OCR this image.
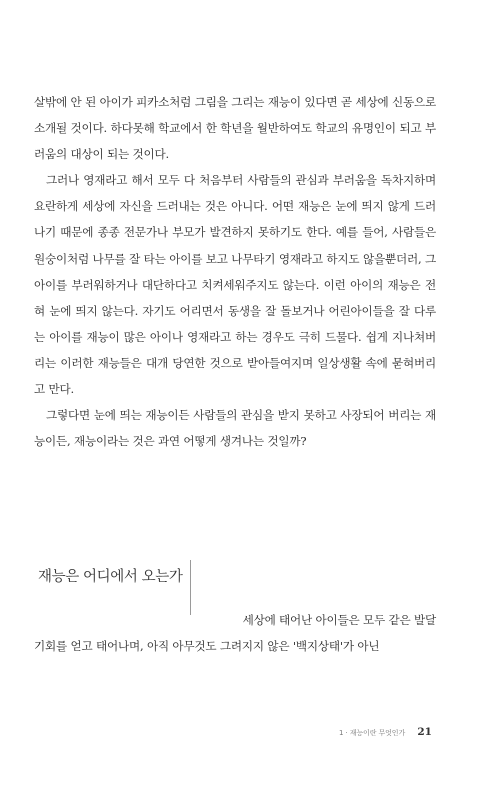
살밖에 안 된 아이가 피카소처럼 그림을 그리는 재능이 있다면 곧 세상에 신동으로 소개될 것이다. 하다못해 학교에서 한 학년을 월반하여도 학교의 유명인이 되고 부러움의 대상이 되는 것이다.

그러나 영재라고 해서 모두 다 처음부터 사람들의 관심과 부러움을 독차지하며 요란하게 세상에 자신을 드러내는 것은 아니다. 어떤 재능은 눈에 띄지 않게 드러나기 때문에 종종 전문가나 부모가 발견하지 못하기도 한다. 예를 들어, 사람들은 원숭이처럼 나무를 잘 타는 아이를 보고 나무타기 영재라고 하지도 않을뿐더러, 그 아이를 부러워하거나 대단하다고 치켜세워주지도 않는다. 이런 아이의 재능은 전혀 눈에 띄지 않는다. 자기도 어리면서 동생을 잘 돌보거나 어린아이들을 잘 다루는 아이를 재능이 많은 아이나 영재라고 하는 경우도 극히 드물다. 쉽게 지나쳐버리는 이러한 재능들은 대개 당연한 것으로 받아들여지며 일상생활 속에 묻혀버리고 만다.

그렇다면 눈에 띄는 재능이든 사람들의 관심을 받지 못하고 사장되어 버리는 재능이든, 재능이라는 것은 과연 어떻게 생겨나는 것일까?

재능은 어디에서 오는가
세상에 태어난 아이들은 모두 같은 발달
기회를 얻고 태어나며, 아직 아무것도 그려지지 않은 '백지상태'가 아닌
1 · 재능이란 무엇인가 21
